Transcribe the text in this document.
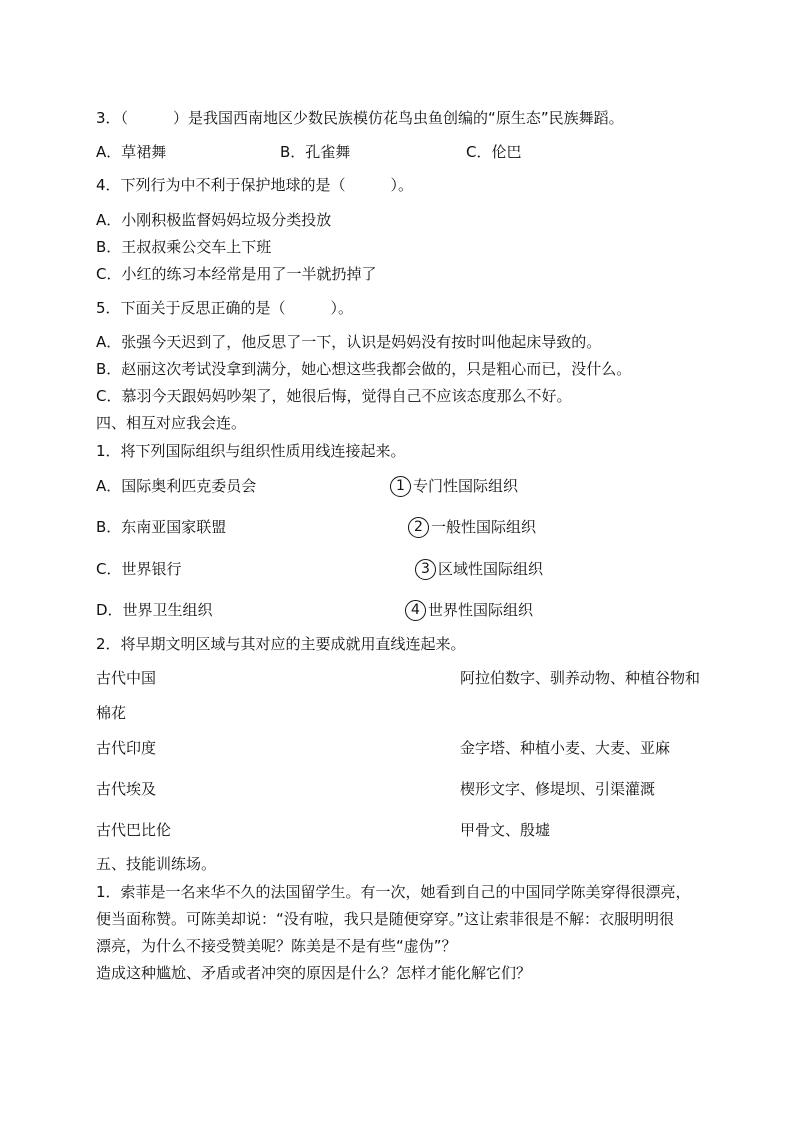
3．（　　　）是我国西南地区少数民族模仿花鸟虫鱼创编的“原生态”民族舞蹈。
A．草裙舞	B．孔雀舞	C．伦巴
4．下列行为中不利于保护地球的是（　　　）。
A．小刚积极监督妈妈垃圾分类投放
B．王叔叔乘公交车上下班
C．小红的练习本经常是用了一半就扔掉了
5．下面关于反思正确的是（　　　）。
A．张强今天迟到了，他反思了一下，认识是妈妈没有按时叫他起床导致的。
B．赵丽这次考试没拿到满分，她心想这些我都会做的，只是粗心而已，没什么。
C．慕羽今天跟妈妈吵架了，她很后悔，觉得自己不应该态度那么不好。
四、相互对应我会连。
1．将下列国际组织与组织性质用线连接起来。
A．国际奥利匹克委员会	1 专门性国际组织
B．东南亚国家联盟	2 一般性国际组织
C．世界银行	3 区域性国际组织
D．世界卫生组织	4 世界性国际组织
2．将早期文明区域与其对应的主要成就用直线连起来。
古代中国	阿拉伯数字、驯养动物、种植谷物和
棉花
古代印度	金字塔、种植小麦、大麦、亚麻
古代埃及	楔形文字、修堤坝、引渠灌溉
古代巴比伦	甲骨文、殷墟
五、技能训练场。
1．索菲是一名来华不久的法国留学生。有一次，她看到自己的中国同学陈美穿得很漂亮，
便当面称赞。可陈美却说：“没有啦，我只是随便穿穿。”这让索菲很是不解：衣服明明很
漂亮，为什么不接受赞美呢？陈美是不是有些“虚伪”？
造成这种尴尬、矛盾或者冲突的原因是什么？怎样才能化解它们？
